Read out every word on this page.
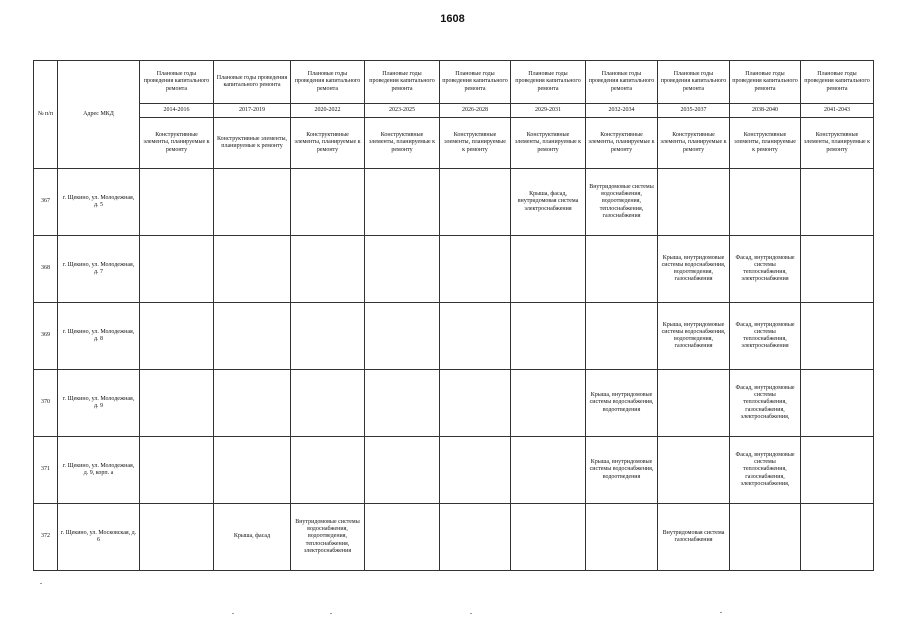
1608
№ п/п	Адрес МКД	Плановые годы проведения капитального ремонта	Плановые годы проведения капитального ремонта	Плановые годы проведения капитального ремонта	Плановые годы проведения капитального ремонта	Плановые годы проведения капитального ремонта	Плановые годы проведения капитального ремонта	Плановые годы проведения капитального ремонта	Плановые годы проведения капитального ремонта	Плановые годы проведения капитального ремонта	Плановые годы проведения капитального ремонта
		2014-2016	2017-2019	2020-2022	2023-2025	2026-2028	2029-2031	2032-2034	2035-2037	2038-2040	2041-2043
		Конструктивные элементы, планируемые к ремонту	Конструктивные элементы, планируемые к ремонту	Конструктивные элементы, планируемые к ремонту	Конструктивные элементы, планируемые к ремонту	Конструктивные элементы, планируемые к ремонту	Конструктивные элементы, планируемые к ремонту	Конструктивные элементы, планируемые к ремонту	Конструктивные элементы, планируемые к ремонту	Конструктивные элементы, планируемые к ремонту	Конструктивные элементы, планируемые к ремонту
367	г. Щекино, ул. Молодежная, д. 5						Крыша, фасад, внутридомовая система электроснабжения	Внутридомовые системы водоснабжения, водоотведения, теплоснабжения, газоснабжения			
368	г. Щекино, ул. Молодежная, д. 7								Крыша, внутридомовые системы водоснабжения, водоотведения, газоснабжения	Фасад, внутридомовые системы теплоснабжения, электроснабжения	
369	г. Щекино, ул. Молодежная, д. 8								Крыша, внутридомовые системы водоснабжения, водоотведения, газоснабжения	Фасад, внутридомовые системы теплоснабжения, электроснабжения	
370	г. Щекино, ул. Молодежная, д. 9							Крыша, внутридомовые системы водоснабжения, водоотведения		Фасад, внутридомовые системы теплоснабжения, газоснабжения, электроснабжения,	
371	г. Щекино, ул. Молодежная, д. 9, корп. а							Крыша, внутридомовые системы водоснабжения, водоотведения		Фасад, внутридомовые системы теплоснабжения, газоснабжения, электроснабжения,	
372	г. Щекино, ул. Московская, д. 6		Крыша, фасад	Внутридомовые системы водоснабжения, водоотведения, теплоснабжения, электроснабжения					Внутридомовая система газоснабжения		
